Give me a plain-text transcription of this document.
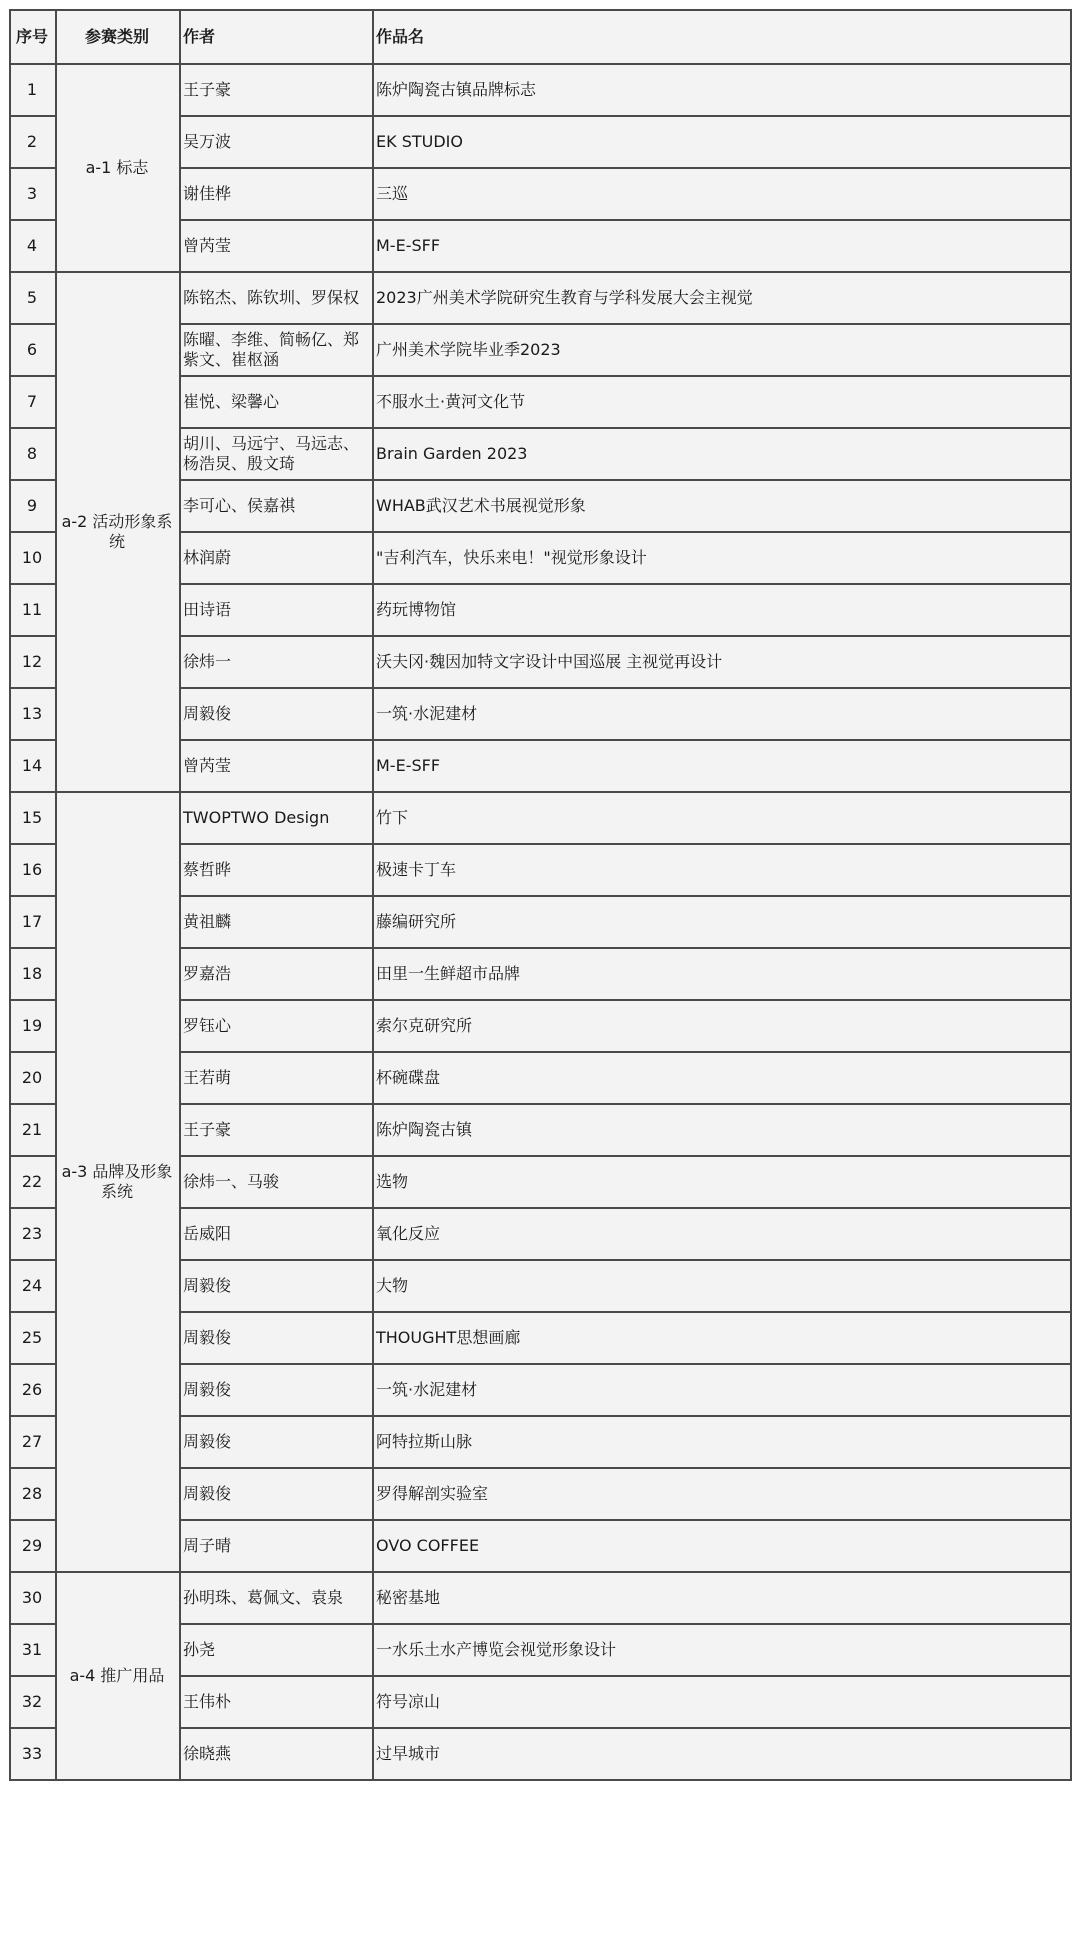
序号	参赛类别	作者	作品名
1	a-1 标志	王子豪	陈炉陶瓷古镇品牌标志
2		吴万波	EK STUDIO
3		谢佳桦	三巡
4		曾芮莹	M-E-SFF
5	a-2 活动形象系统	陈铭杰、陈钦圳、罗保权	2023广州美术学院研究生教育与学科发展大会主视觉
6		陈曜、李维、简畅亿、郑紫文、崔枢涵	广州美术学院毕业季2023
7		崔悦、梁馨心	不服水土·黄河文化节
8		胡川、马远宁、马远志、杨浩炅、殷文琦	Brain Garden 2023
9		李可心、侯嘉祺	WHAB武汉艺术书展视觉形象
10		林润蔚	"吉利汽车，快乐来电！"视觉形象设计
11		田诗语	药玩博物馆
12		徐炜一	沃夫冈·魏因加特文字设计中国巡展 主视觉再设计
13		周毅俊	一筑·水泥建材
14		曾芮莹	M-E-SFF
15	a-3 品牌及形象系统	TWOPTWO Design	竹下
16		蔡哲晔	极速卡丁车
17		黄祖麟	藤编研究所
18		罗嘉浩	田里一生鲜超市品牌
19		罗钰心	索尔克研究所
20		王若萌	杯碗碟盘
21		王子豪	陈炉陶瓷古镇
22		徐炜一、马骏	选物
23		岳威阳	氧化反应
24		周毅俊	大物
25		周毅俊	THOUGHT思想画廊
26		周毅俊	一筑·水泥建材
27		周毅俊	阿特拉斯山脉
28		周毅俊	罗得解剖实验室
29		周子晴	OVO COFFEE
30	a-4 推广用品	孙明珠、葛佩文、袁泉	秘密基地
31		孙尧	一水乐土水产博览会视觉形象设计
32		王伟朴	符号凉山
33		徐晓燕	过早城市
